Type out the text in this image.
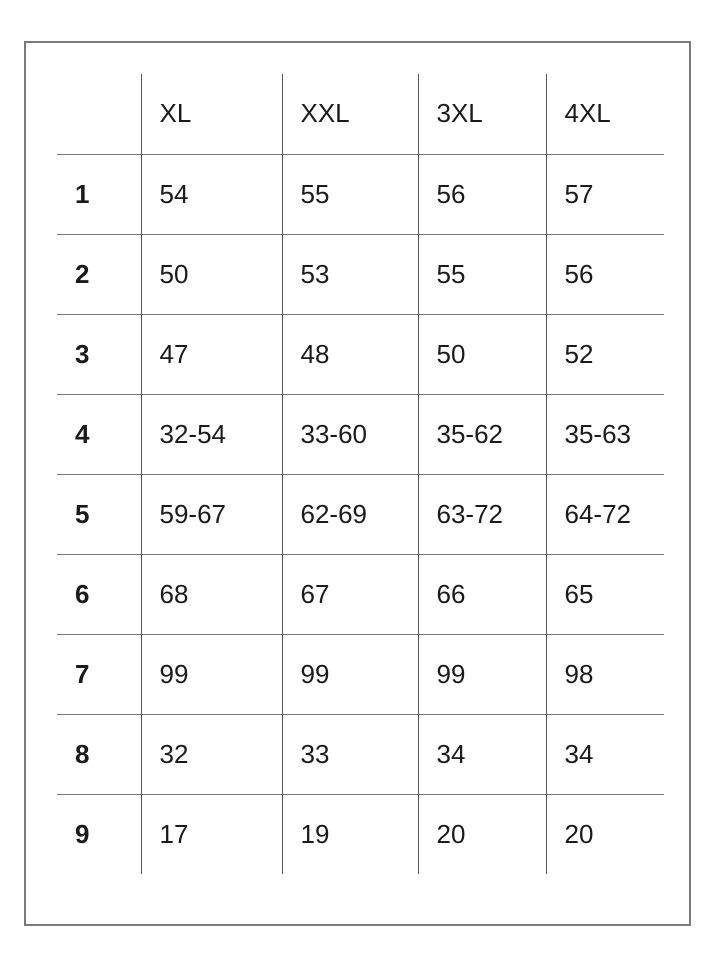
	XL	XXL	3XL	4XL
1	54	55	56	57
2	50	53	55	56
3	47	48	50	52
4	32-54	33-60	35-62	35-63
5	59-67	62-69	63-72	64-72
6	68	67	66	65
7	99	99	99	98
8	32	33	34	34
9	17	19	20	20
